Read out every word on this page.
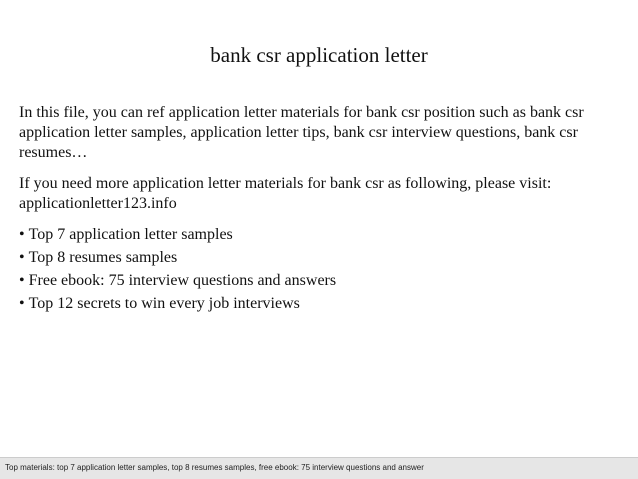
bank csr application letter

In this file, you can ref application letter materials for bank csr position such as bank csr application letter samples, application letter tips, bank csr interview questions, bank csr resumes…

If you need more application letter materials for bank csr as following, please visit: applicationletter123.info

• Top 7 application letter samples
• Top 8 resumes samples
• Free ebook: 75 interview questions and answers
• Top 12 secrets to win every job interviews
Top materials: top 7 application letter samples, top 8 resumes samples, free ebook: 75 interview questions and answer
